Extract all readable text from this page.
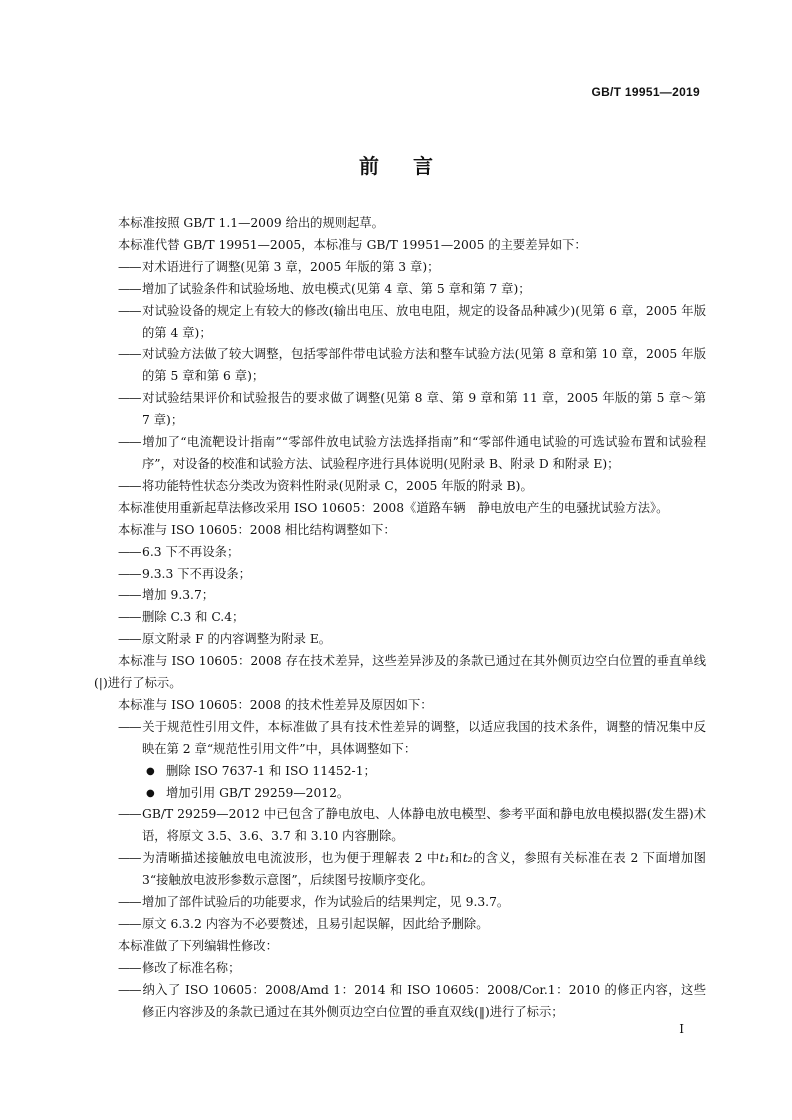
GB/T 19951—2019
前言

本标准按照 GB/T 1.1—2009 给出的规则起草。

本标准代替 GB/T 19951—2005，本标准与 GB/T 19951—2005 的主要差异如下：

——对术语进行了调整(见第 3 章，2005 年版的第 3 章)；

——增加了试验条件和试验场地、放电模式(见第 4 章、第 5 章和第 7 章)；

——对试验设备的规定上有较大的修改(输出电压、放电电阻，规定的设备品种减少)(见第 6 章，2005 年版的第 4 章)；

——对试验方法做了较大调整，包括零部件带电试验方法和整车试验方法(见第 8 章和第 10 章，2005 年版的第 5 章和第 6 章)；

——对试验结果评价和试验报告的要求做了调整(见第 8 章、第 9 章和第 11 章，2005 年版的第 5 章～第 7 章)；

——增加了“电流靶设计指南”“零部件放电试验方法选择指南”和“零部件通电试验的可选试验布置和试验程序”，对设备的校准和试验方法、试验程序进行具体说明(见附录 B、附录 D 和附录 E)；

——将功能特性状态分类改为资料性附录(见附录 C，2005 年版的附录 B)。

本标准使用重新起草法修改采用 ISO 10605：2008《道路车辆　静电放电产生的电骚扰试验方法》。

本标准与 ISO 10605：2008 相比结构调整如下：

——6.3 下不再设条；

——9.3.3 下不再设条；

——增加 9.3.7；

——删除 C.3 和 C.4；

——原文附录 F 的内容调整为附录 E。

本标准与 ISO 10605：2008 存在技术差异，这些差异涉及的条款已通过在其外侧页边空白位置的垂直单线(|)进行了标示。

本标准与 ISO 10605：2008 的技术性差异及原因如下：

——关于规范性引用文件，本标准做了具有技术性差异的调整，以适应我国的技术条件，调整的情况集中反映在第 2 章“规范性引用文件”中，具体调整如下：

● 删除 ISO 7637-1 和 ISO 11452-1；

● 增加引用 GB/T 29259—2012。

——GB/T 29259—2012 中已包含了静电放电、人体静电放电模型、参考平面和静电放电模拟器(发生器)术语，将原文 3.5、3.6、3.7 和 3.10 内容删除。

——为清晰描述接触放电电流波形，也为便于理解表 2 中t₁和t₂的含义，参照有关标准在表 2 下面增加图 3“接触放电波形参数示意图”，后续图号按顺序变化。

——增加了部件试验后的功能要求，作为试验后的结果判定，见 9.3.7。

——原文 6.3.2 内容为不必要赘述，且易引起误解，因此给予删除。

本标准做了下列编辑性修改：

——修改了标准名称；

——纳入了 ISO 10605：2008/Amd 1：2014 和 ISO 10605：2008/Cor.1：2010 的修正内容，这些修正内容涉及的条款已通过在其外侧页边空白位置的垂直双线(‖)进行了标示；

I
